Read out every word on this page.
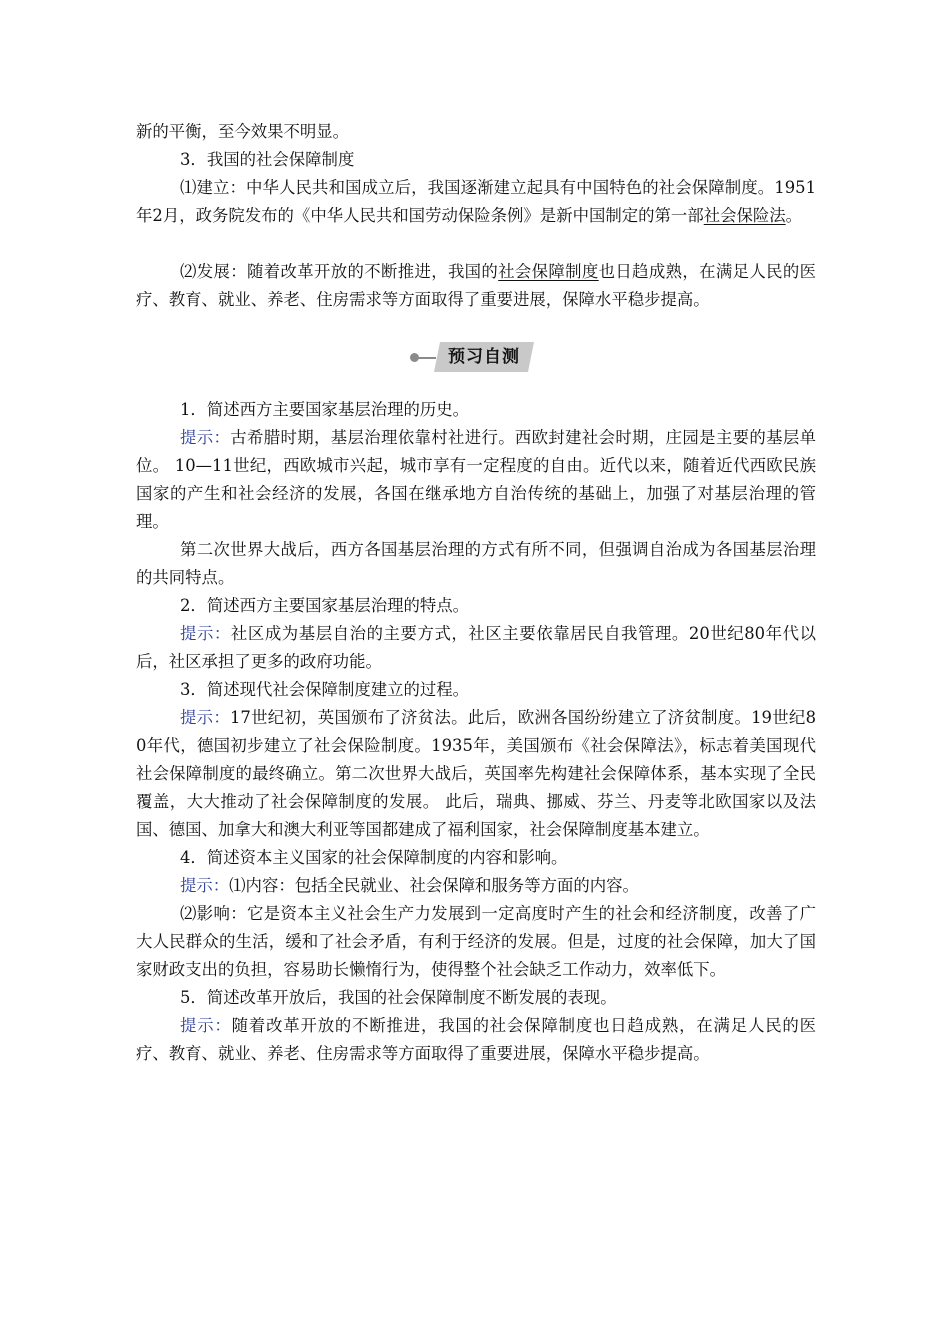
新的平衡，至今效果不明显。
3．我国的社会保障制度
⑴建立：中华人民共和国成立后，我国逐渐建立起具有中国特色的社会保障制度。1951年2月，政务院发布的《中华人民共和国劳动保险条例》是新中国制定的第一部社会保险法。
⑵发展：随着改革开放的不断推进，我国的社会保障制度也日趋成熟，在满足人民的医疗、教育、就业、养老、住房需求等方面取得了重要进展，保障水平稳步提高。
预习自测
1．简述西方主要国家基层治理的历史。
提示：古希腊时期，基层治理依靠村社进行。西欧封建社会时期，庄园是主要的基层单位。 10—11世纪，西欧城市兴起，城市享有一定程度的自由。近代以来，随着近代西欧民族国家的产生和社会经济的发展，各国在继承地方自治传统的基础上，加强了对基层治理的管理。
第二次世界大战后，西方各国基层治理的方式有所不同，但强调自治成为各国基层治理的共同特点。
2．简述西方主要国家基层治理的特点。
提示：社区成为基层自治的主要方式，社区主要依靠居民自我管理。20世纪80年代以后，社区承担了更多的政府功能。
3．简述现代社会保障制度建立的过程。
提示：17世纪初，英国颁布了济贫法。此后，欧洲各国纷纷建立了济贫制度。19世纪80年代，德国初步建立了社会保险制度。1935年，美国颁布《社会保障法》，标志着美国现代社会保障制度的最终确立。第二次世界大战后，英国率先构建社会保障体系，基本实现了全民覆盖，大大推动了社会保障制度的发展。 此后，瑞典、挪威、芬兰、丹麦等北欧国家以及法国、德国、加拿大和澳大利亚等国都建成了福利国家，社会保障制度基本建立。
4．简述资本主义国家的社会保障制度的内容和影响。
提示：⑴内容：包括全民就业、社会保障和服务等方面的内容。
⑵影响：它是资本主义社会生产力发展到一定高度时产生的社会和经济制度，改善了广大人民群众的生活，缓和了社会矛盾，有利于经济的发展。但是，过度的社会保障，加大了国家财政支出的负担，容易助长懒惰行为，使得整个社会缺乏工作动力，效率低下。
5．简述改革开放后，我国的社会保障制度不断发展的表现。
提示：随着改革开放的不断推进，我国的社会保障制度也日趋成熟，在满足人民的医疗、教育、就业、养老、住房需求等方面取得了重要进展，保障水平稳步提高。
